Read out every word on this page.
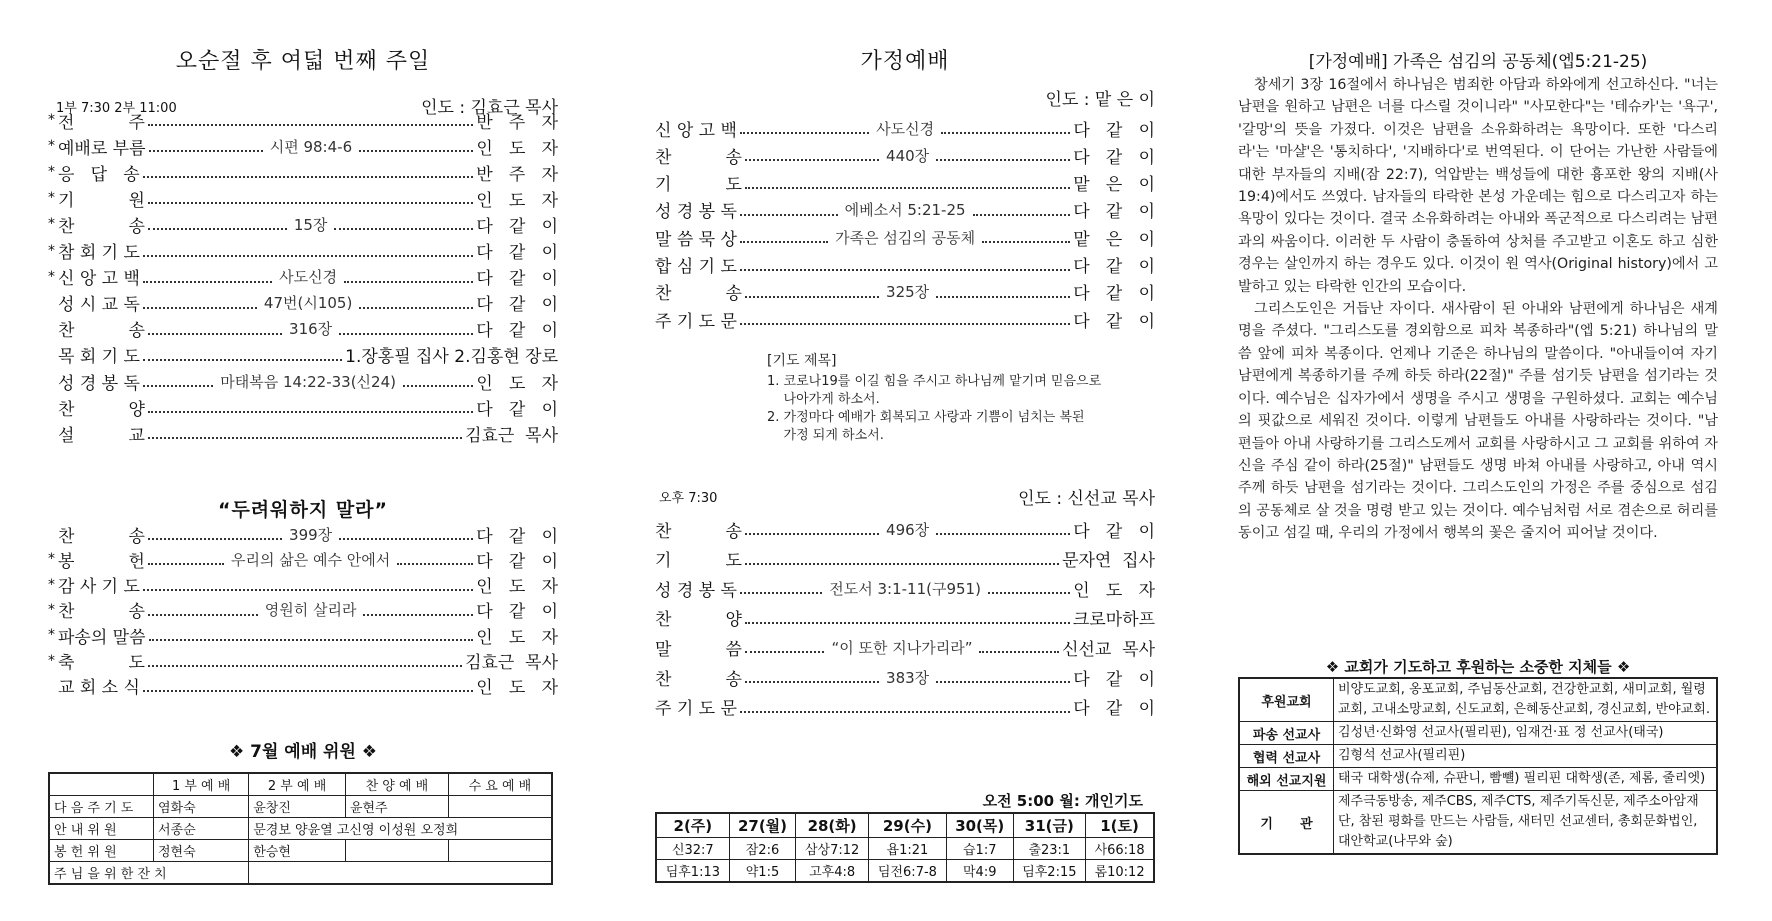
오순절 후 여덟 번째 주일
1부 7:30 2부 11:00	인도 : 김효근 목사
* 전          주	반   주   자
* 예배로 부름	시편 98:4-6	인   도   자
* 응   답   송	반   주   자
* 기          원	인   도   자
* 찬          송	15장	다   같   이
* 참 회 기 도	다   같   이
* 신 앙 고 백	사도신경	다   같   이
성 시 교 독	47번(시105)	다   같   이
찬          송	316장	다   같   이
목 회 기 도	1.장홍필 집사 2.김홍현 장로
성 경 봉 독	마태복음 14:22-33(신24)	인   도   자
찬          양	다   같   이
설          교	김효근  목사
“두려워하지 말라”
찬          송	399장	다   같   이
* 봉          헌	우리의 삶은 예수 안에서	다   같   이
* 감 사 기 도	인   도   자
* 찬          송	영원히 살리라	다   같   이
* 파송의 말씀	인   도   자
* 축          도	김효근  목사
교 회 소 식	인   도   자
❖ 7월 예배 위원 ❖
	1 부 예 배	2 부 예 배	찬 양 예 배	수 요 예 배
다 음 주 기 도	염화숙	윤창진	윤현주	
안 내 위 원	서종순	문경보 양윤열 고신영 이성원 오정희		
봉 헌 위 원	정현숙	한승현		
주 님 을 위 한 잔 치				
가정예배
인도 : 맡 은 이
신 앙 고 백	사도신경	다   같   이
찬          송	440장	다   같   이
기          도	맡   은   이
성 경 봉 독	에베소서 5:21-25	다   같   이
말 씀 묵 상	가족은 섬김의 공동체	맡   은   이
합 심 기 도	다   같   이
찬          송	325장	다   같   이
주 기 도 문	다   같   이
[기도 제목]
1. 코로나19를 이길 힘을 주시고 하나님께 맡기며 믿음으로
나아가게 하소서.
2. 가정마다 예배가 회복되고 사랑과 기쁨이 넘치는 복된
가정 되게 하소서.
오후 7:30	인도 : 신선교 목사
찬          송	496장	다   같   이
기          도	문자연  집사
성 경 봉 독	전도서 3:1-11(구951)	인   도   자
찬          양	크로마하프
말          씀	“이 또한 지나가리라”	신선교  목사
찬          송	383장	다   같   이
주 기 도 문	다   같   이
오전 5:00 월: 개인기도
2(주)	27(월)	28(화)	29(수)	30(목)	31(금)	1(토)
신32:7	잠2:6	삼상7:12	욥1:21	습1:7	출23:1	사66:18
딤후1:13	약1:5	고후4:8	딤전6:7-8	막4:9	딤후2:15	롬10:12
[가정예배] 가족은 섬김의 공동체(엡5:21-25)

창세기 3장 16절에서 하나님은 범죄한 아담과 하와에게 선고하신다. "너는 남편을 원하고 남편은 너를 다스릴 것이니라" "사모한다"는 '테슈카'는 '욕구', '갈망'의 뜻을 가졌다. 이것은 남편을 소유화하려는 욕망이다. 또한 '다스리라'는 '마샬'은 '통치하다', '지배하다'로 번역된다. 이 단어는 가난한 사람들에 대한 부자들의 지배(잠 22:7), 억압받는 백성들에 대한 흉포한 왕의 지배(사 19:4)에서도 쓰였다. 남자들의 타락한 본성 가운데는 힘으로 다스리고자 하는 욕망이 있다는 것이다. 결국 소유화하려는 아내와 폭군적으로 다스리려는 남편과의 싸움이다. 이러한 두 사람이 충돌하여 상처를 주고받고 이혼도 하고 심한 경우는 살인까지 하는 경우도 있다. 이것이 원 역사(Original history)에서 고발하고 있는 타락한 인간의 모습이다.

그리스도인은 거듭난 자이다. 새사람이 된 아내와 남편에게 하나님은 새계명을 주셨다. "그리스도를 경외함으로 피차 복종하라"(엡 5:21) 하나님의 말씀 앞에 피차 복종이다. 언제나 기준은 하나님의 말씀이다. "아내들이여 자기 남편에게 복종하기를 주께 하듯 하라(22절)" 주를 섬기듯 남편을 섬기라는 것이다. 예수님은 십자가에서 생명을 주시고 생명을 구원하셨다. 교회는 예수님의 핏값으로 세워진 것이다. 이렇게 남편들도 아내를 사랑하라는 것이다. "남편들아 아내 사랑하기를 그리스도께서 교회를 사랑하시고 그 교회를 위하여 자신을 주심 같이 하라(25절)" 남편들도 생명 바쳐 아내를 사랑하고, 아내 역시 주께 하듯 남편을 섬기라는 것이다. 그리스도인의 가정은 주를 중심으로 섬김의 공동체로 살 것을 명령 받고 있는 것이다. 예수님처럼 서로 겸손으로 허리를 동이고 섬길 때, 우리의 가정에서 행복의 꽃은 줄지어 피어날 것이다.

❖ 교회가 기도하고 후원하는 소중한 지체들 ❖
후원교회	비양도교회, 옹포교회, 주님동산교회, 건강한교회, 새미교회, 월령교회, 고내소망교회, 신도교회, 은혜동산교회, 경신교회, 반야교회.
파송 선교사	김성년·신화영 선교사(필리핀), 임재건·표 정 선교사(태국)
협력 선교사	김형석 선교사(필리핀)
해외 선교지원	태국 대학생(슈제, 슈판니, 빰뺼) 필리핀 대학생(존, 제롬, 줄리엣)
기      관	제주극동방송, 제주CBS, 제주CTS, 제주기독신문, 제주소아암재단, 참된 평화를 만드는 사람들, 새터민 선교센터, 총회문화법인, 대안학교(나무와 숲)
